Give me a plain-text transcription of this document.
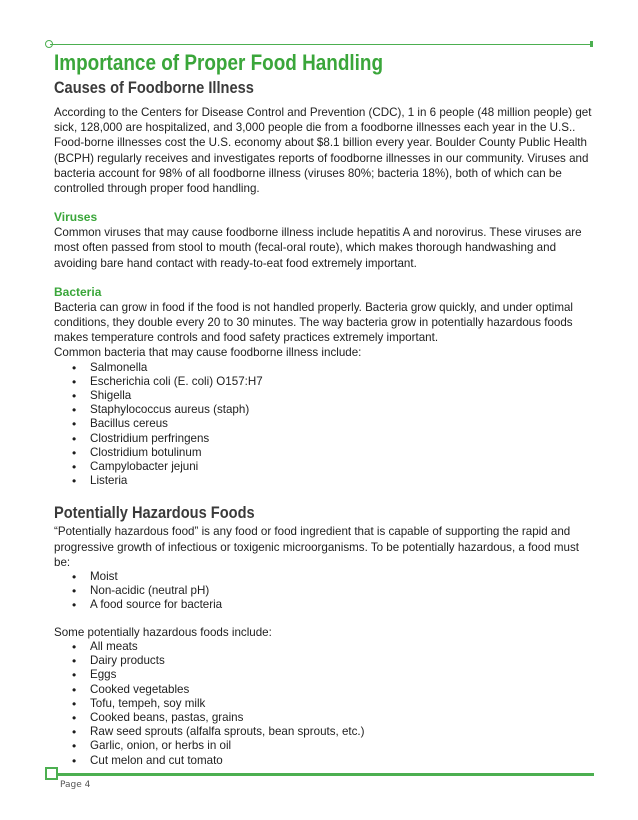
Importance of Proper Food Handling
Causes of Foodborne Illness

According to the Centers for Disease Control and Prevention (CDC), 1 in 6 people (48 million people) get sick, 128,000 are hospitalized, and 3,000 people die from a foodborne illnesses each year in the U.S.. Food-borne illnesses cost the U.S. economy about $8.1 billion every year. Boulder County Public Health (BCPH) regularly receives and investigates reports of foodborne illnesses in our community. Viruses and bacteria account for 98% of all foodborne illness (viruses 80%; bacteria 18%), both of which can be controlled through proper food handling.

Viruses

Common viruses that may cause foodborne illness include hepatitis A and norovirus. These viruses are most often passed from stool to mouth (fecal-oral route), which makes thorough handwashing and avoiding bare hand contact with ready-to-eat food extremely important.

Bacteria

Bacteria can grow in food if the food is not handled properly. Bacteria grow quickly, and under optimal conditions, they double every 20 to 30 minutes. The way bacteria grow in potentially hazardous foods makes temperature controls and food safety practices extremely important.

Common bacteria that may cause foodborne illness include:

• Salmonella
• Escherichia coli (E. coli) O157:H7
• Shigella
• Staphylococcus aureus (staph)
• Bacillus cereus
• Clostridium perfringens
• Clostridium botulinum
• Campylobacter jejuni
• Listeria
Potentially Hazardous Foods

“Potentially hazardous food” is any food or food ingredient that is capable of supporting the rapid and progressive growth of infectious or toxigenic microorganisms. To be potentially hazardous, a food must be:

• Moist
• Non-acidic (neutral pH)
• A food source for bacteria

Some potentially hazardous foods include:

• All meats
• Dairy products
• Eggs
• Cooked vegetables
• Tofu, tempeh, soy milk
• Cooked beans, pastas, grains
• Raw seed sprouts (alfalfa sprouts, bean sprouts, etc.)
• Garlic, onion, or herbs in oil
• Cut melon and cut tomato
Page 4
